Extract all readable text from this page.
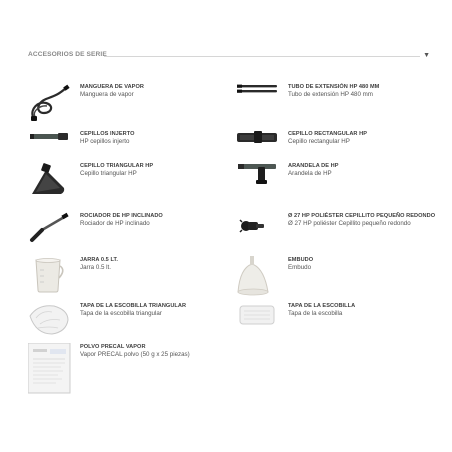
ACCESORIOS DE SERIE	▼
MANGUERA DE VAPOR
Manguera de vapor
TUBO DE EXTENSIÓN HP 480 MM
Tubo de extensión HP 480 mm
CEPILLOS INJERTO
HP cepillos injerto
CEPILLO RECTANGULAR HP
Cepillo rectangular HP
CEPILLO TRIANGULAR HP
Cepillo triangular HP
ARANDELA DE HP
Arandela de HP
ROCIADOR DE HP INCLINADO
Rociador de HP inclinado
Ø 27 HP POLIÉSTER CEPILLITO PEQUEÑO REDONDO
Ø 27 HP poliéster Cepillito pequeño redondo
JARRA 0.5 LT.
Jarra 0.5 lt.
EMBUDO
Embudo
TAPA DE LA ESCOBILLA TRIANGULAR
Tapa de la escobilla triangular
TAPA DE LA ESCOBILLA
Tapa de la escobilla
POLVO PRECAL VAPOR
Vapor PRECAL polvo (50 g x 25 piezas)
